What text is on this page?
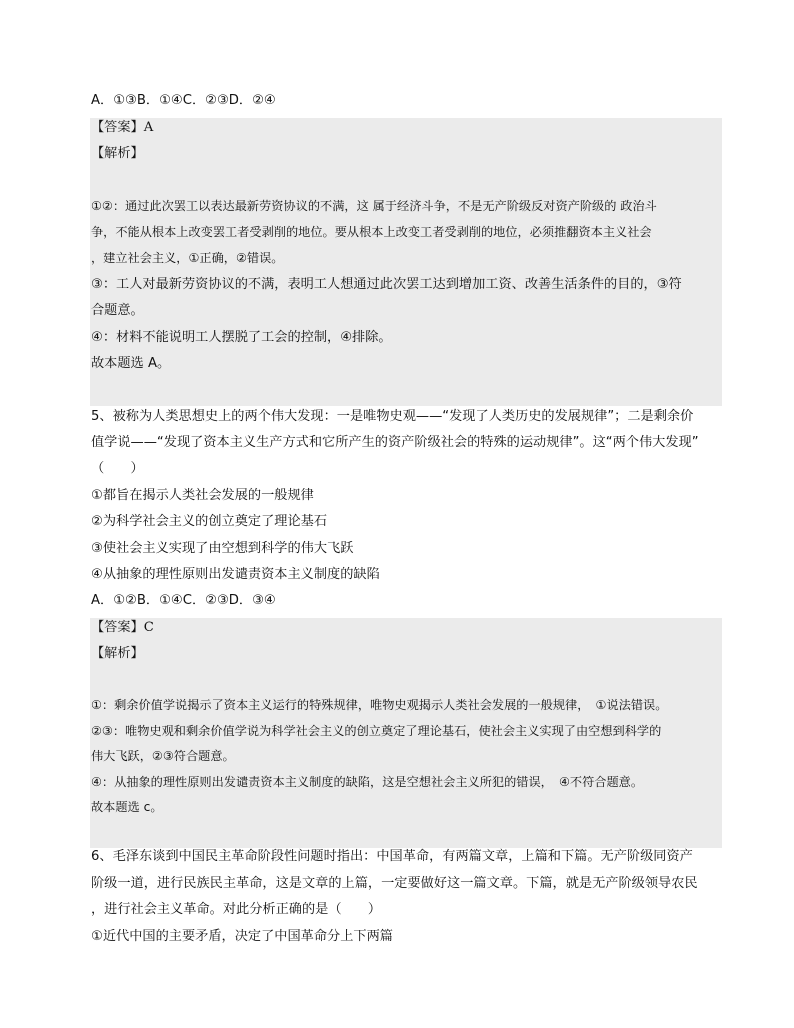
A．①③B．①④C．②③D．②④
【答案】A
【解析】
①②：通过此次罢工以表达最新劳资协议的不满，这 属于经济斗争，不是无产阶级反对资产阶级的 政治斗
争，不能从根本上改变罢工者受剥削的地位。要从根本上改变工者受剥削的地位，必须推翻资本主义社会
，建立社会主义，①正确，②错误。
③：工人对最新劳资协议的不满，表明工人想通过此次罢工达到增加工资、改善生活条件的目的，③符
合题意。
④：材料不能说明工人摆脱了工会的控制，④排除。
故本题选 A。
5、被称为人类思想史上的两个伟大发现：一是唯物史观——“发现了人类历史的发展规律”；二是剩余价
值学说——“发现了资本主义生产方式和它所产生的资产阶级社会的特殊的运动规律”。这“两个伟大发现”
（　　）
①都旨在揭示人类社会发展的一般规律
②为科学社会主义的创立奠定了理论基石
③使社会主义实现了由空想到科学的伟大飞跃
④从抽象的理性原则出发谴责资本主义制度的缺陷
A．①②B．①④C．②③D．③④
【答案】C
【解析】
①：剩余价值学说揭示了资本主义运行的特殊规律，唯物史观揭示人类社会发展的一般规律，　①说法错误。
②③：唯物史观和剩余价值学说为科学社会主义的创立奠定了理论基石，使社会主义实现了由空想到科学的
伟大飞跃，②③符合题意。
④：从抽象的理性原则出发谴责资本主义制度的缺陷，这是空想社会主义所犯的错误，　④不符合题意。
故本题选 c。
6、毛泽东谈到中国民主革命阶段性问题时指出：中国革命，有两篇文章，上篇和下篇。无产阶级同资产
阶级一道，进行民族民主革命，这是文章的上篇，一定要做好这一篇文章。下篇，就是无产阶级领导农民
，进行社会主义革命。对此分析正确的是（　　）
①近代中国的主要矛盾，决定了中国革命分上下两篇
